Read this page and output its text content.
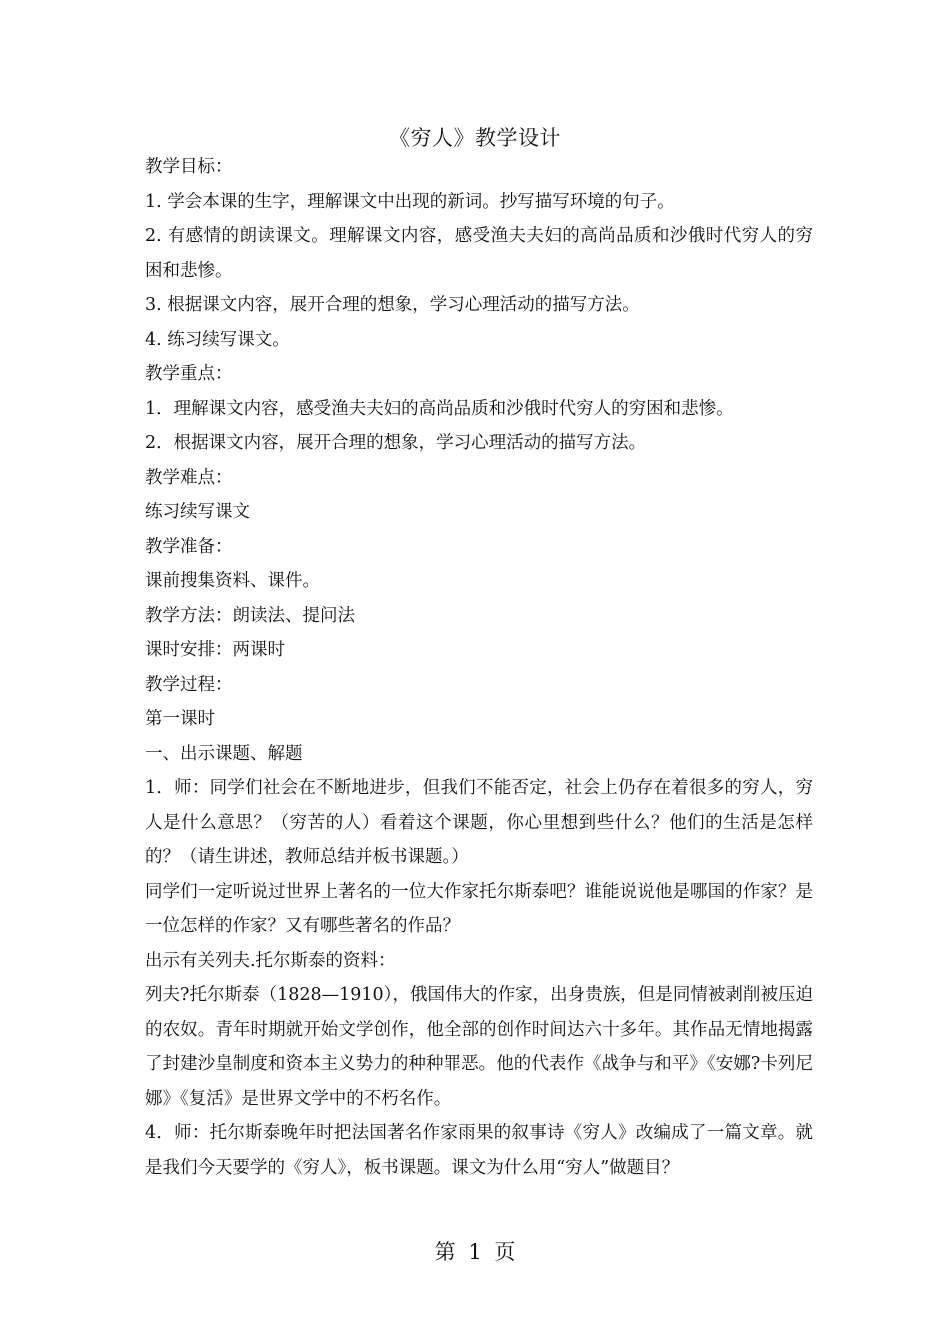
《穷人》教学设计

教学目标：

1. 学会本课的生字，理解课文中出现的新词。抄写描写环境的句子。

2. 有感情的朗读课文。理解课文内容，感受渔夫夫妇的高尚品质和沙俄时代穷人的穷困和悲惨。

3. 根据课文内容，展开合理的想象，学习心理活动的描写方法。

4. 练习续写课文。

教学重点：

1．理解课文内容，感受渔夫夫妇的高尚品质和沙俄时代穷人的穷困和悲惨。

2．根据课文内容，展开合理的想象，学习心理活动的描写方法。

教学难点：

练习续写课文

教学准备：

课前搜集资料、课件。

教学方法：朗读法、提问法

课时安排：两课时

教学过程：

第一课时

一、出示课题、解题

1．师：同学们社会在不断地进步，但我们不能否定，社会上仍存在着很多的穷人，穷人是什么意思？（穷苦的人）看着这个课题，你心里想到些什么？他们的生活是怎样的？（请生讲述，教师总结并板书课题。）

同学们一定听说过世界上著名的一位大作家托尔斯泰吧？谁能说说他是哪国的作家？是一位怎样的作家？又有哪些著名的作品？

出示有关列夫.托尔斯泰的资料：

列夫?托尔斯泰（1828—1910），俄国伟大的作家，出身贵族，但是同情被剥削被压迫的农奴。青年时期就开始文学创作，他全部的创作时间达六十多年。其作品无情地揭露了封建沙皇制度和资本主义势力的种种罪恶。他的代表作《战争与和平》《安娜?卡列尼娜》《复活》是世界文学中的不朽名作。

4．师：托尔斯泰晚年时把法国著名作家雨果的叙事诗《穷人》改编成了一篇文章。就是我们今天要学的《穷人》，板书课题。课文为什么用“穷人”做题目？

第 1 页
